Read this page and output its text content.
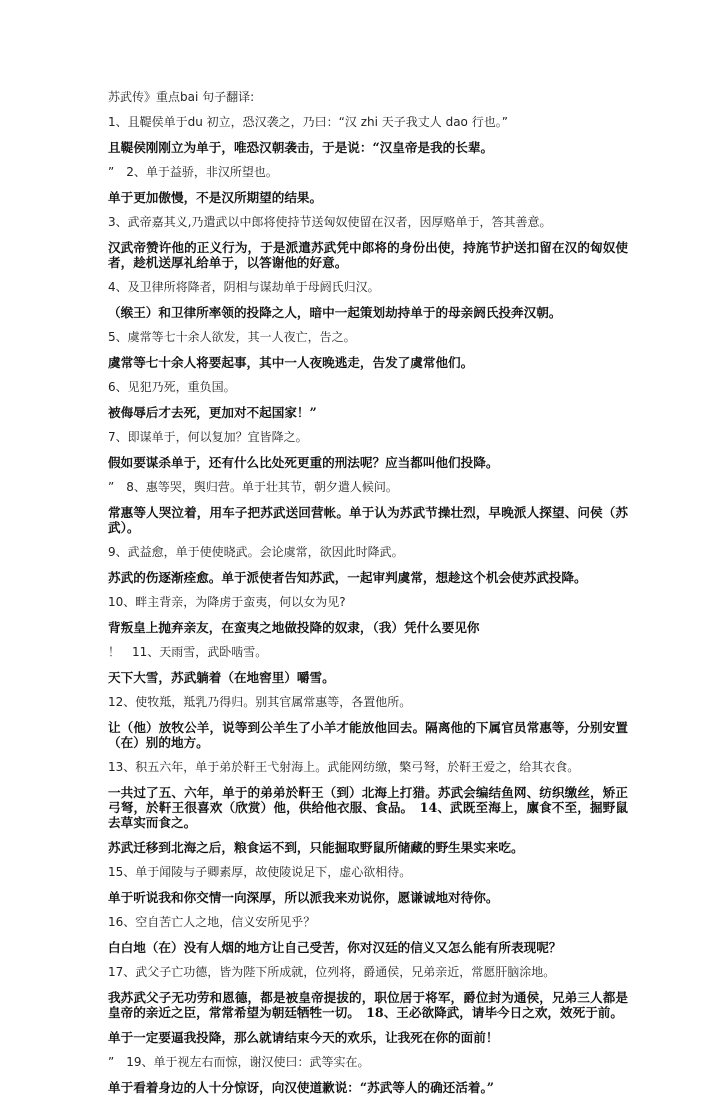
苏武传》重点bai 句子翻译:
1、且鞮侯单于du 初立，恐汉袭之，乃曰：“汉 zhi 天子我丈人 dao 行也。”
且鞮侯刚刚立为单于，唯恐汉朝袭击，于是说：“汉皇帝是我的长辈。
”　2、单于益骄，非汉所望也。
单于更加傲慢，不是汉所期望的结果。
3、武帝嘉其义,乃遣武以中郎将使持节送匈奴使留在汉者，因厚赂单于，答其善意。
汉武帝赞许他的正义行为，于是派遣苏武凭中郎将的身份出使，持旄节护送扣留在汉的匈奴使者，趁机送厚礼给单于，以答谢他的好意。
4、及卫律所将降者，阴相与谋劫单于母阏氏归汉。
（缑王）和卫律所率领的投降之人，暗中一起策划劫持单于的母亲阏氏投奔汉朝。
5、虞常等七十余人欲发，其一人夜亡，告之。
虞常等七十余人将要起事，其中一人夜晚逃走，告发了虞常他们。
6、见犯乃死，重负国。
被侮辱后才去死，更加对不起国家！”
7、即谋单于，何以复加？宜皆降之。
假如要谋杀单于，还有什么比处死更重的刑法呢？应当都叫他们投降。
”　8、惠等哭，舆归营。单于壮其节，朝夕遣人候问。
常惠等人哭泣着，用车子把苏武送回营帐。单于认为苏武节操壮烈，早晚派人探望、问侯（苏武）。
9、武益愈，单于使使晓武。会论虞常，欲因此时降武。
苏武的伤逐渐痊愈。单于派使者告知苏武，一起审判虞常，想趁这个机会使苏武投降。
10、畔主背亲，为降虏于蛮夷，何以女为见?
背叛皇上抛弃亲友，在蛮夷之地做投降的奴隶，（我）凭什么要见你
！　11、天雨雪，武卧啮雪。
天下大雪，苏武躺着（在地窖里）嚼雪。
12、使牧羝，羝乳乃得归。别其官属常惠等，各置他所。
让（他）放牧公羊，说等到公羊生了小羊才能放他回去。隔离他的下属官员常惠等，分别安置（在）别的地方。
13、积五六年，单于弟於靬王弋射海上。武能网纺缴，檠弓弩，於靬王爱之，给其衣食。
一共过了五、六年，单于的弟弟於靬王（到）北海上打猎。苏武会编结鱼网、纺织缴丝，矫正弓弩，於靬王很喜欢（欣赏）他，供给他衣服、食品。　14、武既至海上，廪食不至，掘野鼠去草实而食之。
苏武迁移到北海之后，粮食运不到，只能掘取野鼠所储藏的野生果实来吃。
15、单于闻陵与子卿素厚，故使陵说足下，虚心欲相待。
单于听说我和你交情一向深厚，所以派我来劝说你，愿谦诚地对待你。
16、空自苦亡人之地，信义安所见乎？
白白地（在）没有人烟的地方让自己受苦，你对汉廷的信义又怎么能有所表现呢？
17、武父子亡功德，皆为陛下所成就，位列将，爵通侯，兄弟亲近，常愿肝脑涂地。
我苏武父子无功劳和恩德，都是被皇帝提拔的，职位居于将军，爵位封为通侯，兄弟三人都是皇帝的亲近之臣，常常希望为朝廷牺牲一切。　18、王必欲降武，请毕今日之欢，效死于前。
单于一定要逼我投降，那么就请结束今天的欢乐，让我死在你的面前！
”　19、单于视左右而惊，谢汉使曰：武等实在。
单于看着身边的人十分惊讶，向汉使道歉说：“苏武等人的确还活着。”
